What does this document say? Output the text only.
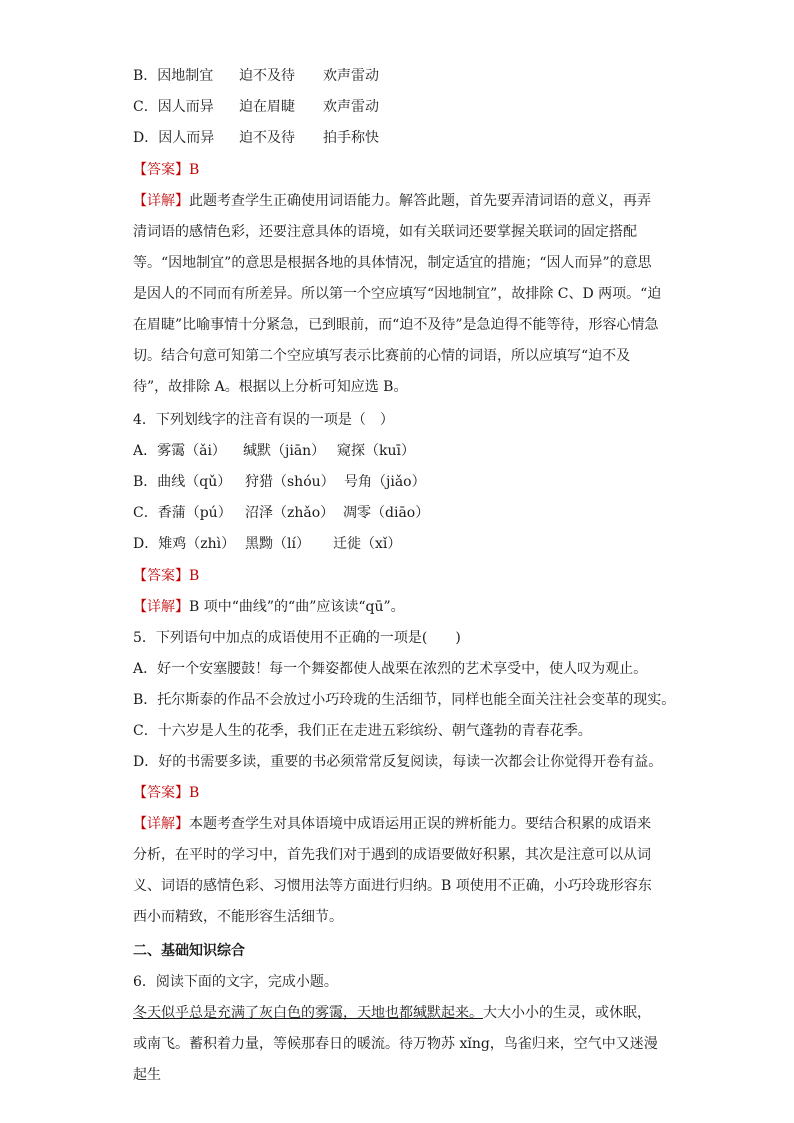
B．因地制宜 迫不及待 欢声雷动
C．因人而异 迫在眉睫 欢声雷动
D．因人而异 迫不及待 拍手称快
【答案】B
【详解】此题考查学生正确使用词语能力。解答此题，首先要弄清词语的意义，再弄清词语的感情色彩，还要注意具体的语境，如有关联词还要掌握关联词的固定搭配等。“因地制宜”的意思是根据各地的具体情况，制定适宜的措施；“因人而异”的意思是因人的不同而有所差异。所以第一个空应填写“因地制宜”，故排除 C、D 两项。“迫在眉睫”比喻事情十分紧急，已到眼前，而“迫不及待”是急迫得不能等待，形容心情急切。结合句意可知第二个空应填写表示比赛前的心情的词语，所以应填写“迫不及待”，故排除 A。根据以上分析可知应选 B。
4．下列划线字的注音有误的一项是（　）
A．雾霭（ǎi） 缄默（jiān） 窥探（kuī）
B．曲线（qǔ） 狩猎（shóu） 号角（jiǎo）
C．香蒲（pú） 沼泽（zhǎo） 凋零（diāo）
D．雉鸡（zhì） 黑黝（lí） 迁徙（xǐ）
【答案】B
【详解】B 项中“曲线”的“曲”应该读“qū”。
5．下列语句中加点的成语使用不正确的一项是(　　)
A．好一个安塞腰鼓！每一个舞姿都使人战栗在浓烈的艺术享受中，使人叹为观止。
B．托尔斯泰的作品不会放过小巧玲珑的生活细节，同样也能全面关注社会变革的现实。
C．十六岁是人生的花季，我们正在走进五彩缤纷、朝气蓬勃的青春花季。
D．好的书需要多读，重要的书必须常常反复阅读，每读一次都会让你觉得开卷有益。
【答案】B
【详解】本题考查学生对具体语境中成语运用正误的辨析能力。要结合积累的成语来分析，在平时的学习中，首先我们对于遇到的成语要做好积累，其次是注意可以从词义、词语的感情色彩、习惯用法等方面进行归纳。B 项使用不正确，小巧玲珑形容东西小而精致，不能形容生活细节。
二、基础知识综合
6．阅读下面的文字，完成小题。
冬天似乎总是充满了灰白色的雾霭，天地也都缄默起来。大大小小的生灵，或休眠，或南飞。蓄积着力量，等候那春日的暖流。待万物苏 xǐng，鸟雀归来，空气中又迷漫起生
